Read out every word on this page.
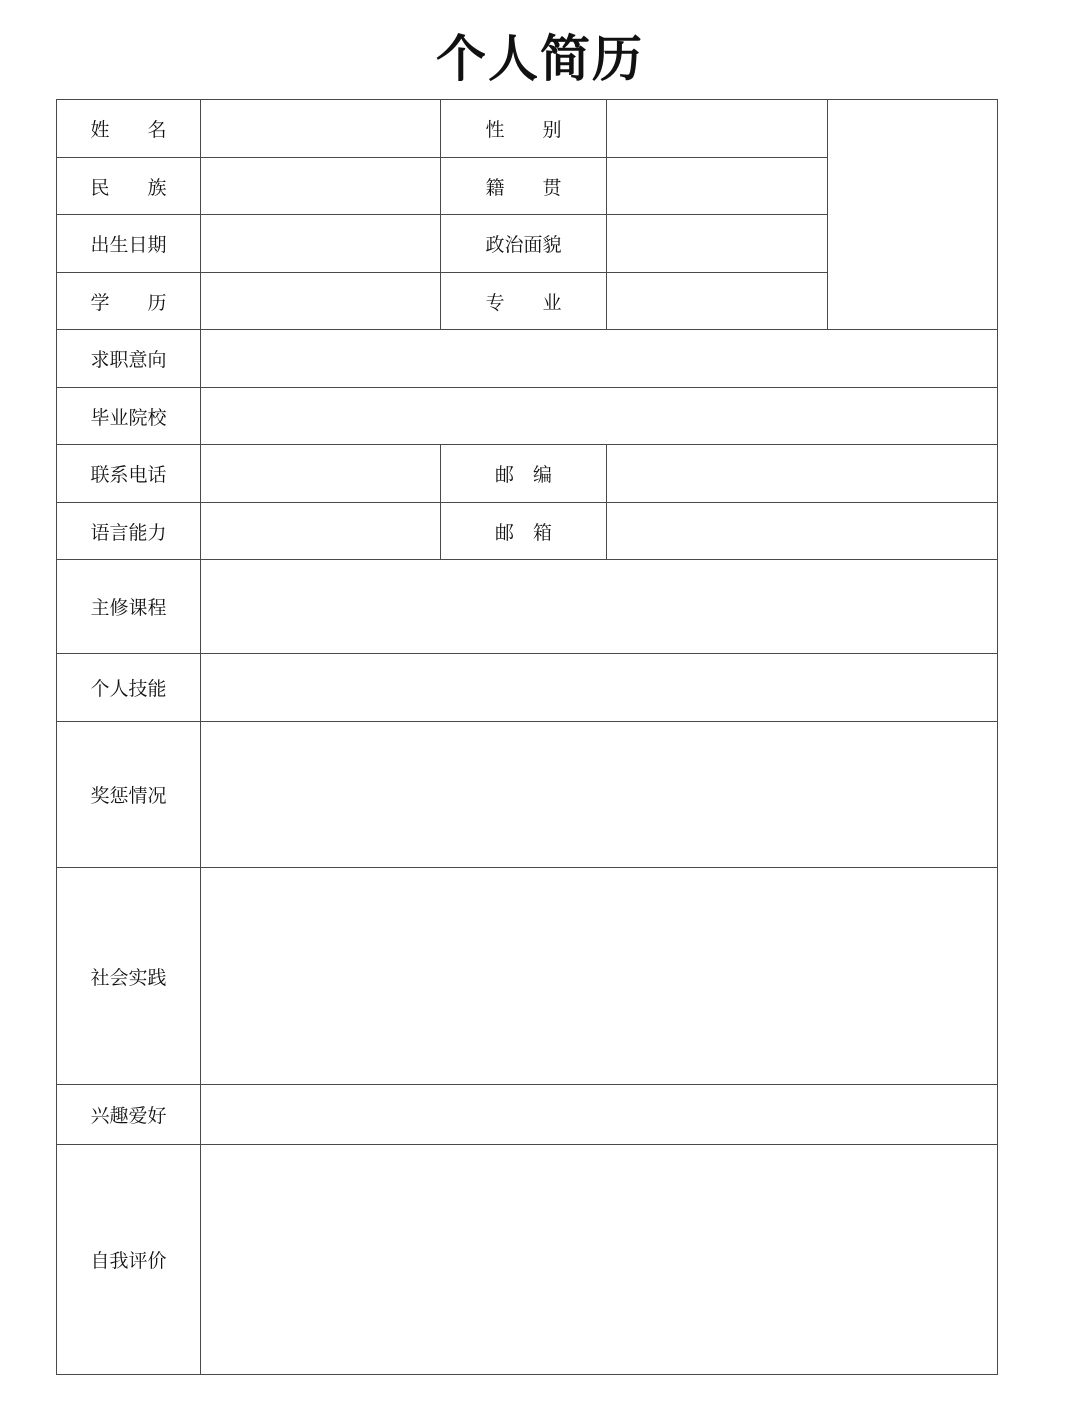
个人简历
姓　　名		性　　别		
民　　族		籍　　贯		
出生日期		政治面貌		
学　　历		专　　业		
求职意向				
毕业院校				
联系电话		邮　编		
语言能力		邮　箱		
主修课程				
个人技能				
奖惩情况				
社会实践				
兴趣爱好				
自我评价				
